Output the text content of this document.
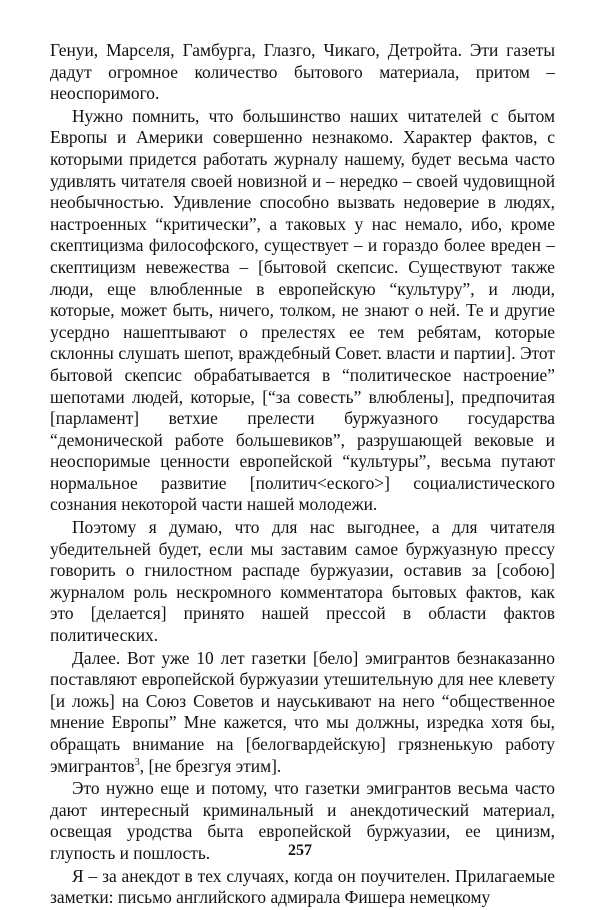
Генуи, Марселя, Гамбурга, Глазго, Чикаго, Детройта. Эти газеты дадут огромное количество бытового материала, притом – неоспоримого.

Нужно помнить, что большинство наших читателей с бытом Европы и Америки совершенно незнакомо. Характер фактов, с которыми придется работать журналу нашему, будет весьма часто удивлять читателя своей новизной и – нередко – своей чудовищной необычностью. Удивление способно вызвать недоверие в людях, настроенных “критически”, а таковых у нас немало, ибо, кроме скептицизма философского, существует – и гораздо более вреден – скептицизм невежества – [бытовой скепсис. Существуют также люди, еще влюбленные в европейскую “культуру”, и люди, которые, может быть, ничего, толком, не знают о ней. Те и другие усердно нашептывают о прелестях ее тем ребятам, которые склонны слушать шепот, враждебный Совет. власти и партии]. Этот бытовой скепсис обрабатывается в “политическое настроение” шепотами людей, которые, [“за совесть” влюблены], предпочитая [парламент] ветхие прелести буржуазного государства “демонической работе большевиков”, разрушающей вековые и неоспоримые ценности европейской “культуры”, весьма путают нормальное развитие [политич<еского>] социалистического сознания некоторой части нашей молодежи.

Поэтому я думаю, что для нас выгоднее, а для читателя убедительней будет, если мы заставим самое буржуазную прессу говорить о гнилостном распаде буржуазии, оставив за [собою] журналом роль нескромного комментатора бытовых фактов, как это [делается] принято нашей прессой в области фактов политических.

Далее. Вот уже 10 лет газетки [бело] эмигрантов безнаказанно поставляют европейской буржуазии утешительную для нее клевету [и ложь] на Союз Советов и науськивают на него “общественное мнение Европы” Мне кажется, что мы должны, изредка хотя бы, обращать внимание на [белогвардейскую] грязненькую работу эмигрантов$^3$, [не брезгуя этим].

Это нужно еще и потому, что газетки эмигрантов весьма часто дают интересный криминальный и анекдотический материал, освещая уродства быта европейской буржуазии, ее цинизм, глупость и пошлость.

Я – за анекдот в тех случаях, когда он поучителен. Прилагаемые заметки: письмо английского адмирала Фишера немецкому

257
